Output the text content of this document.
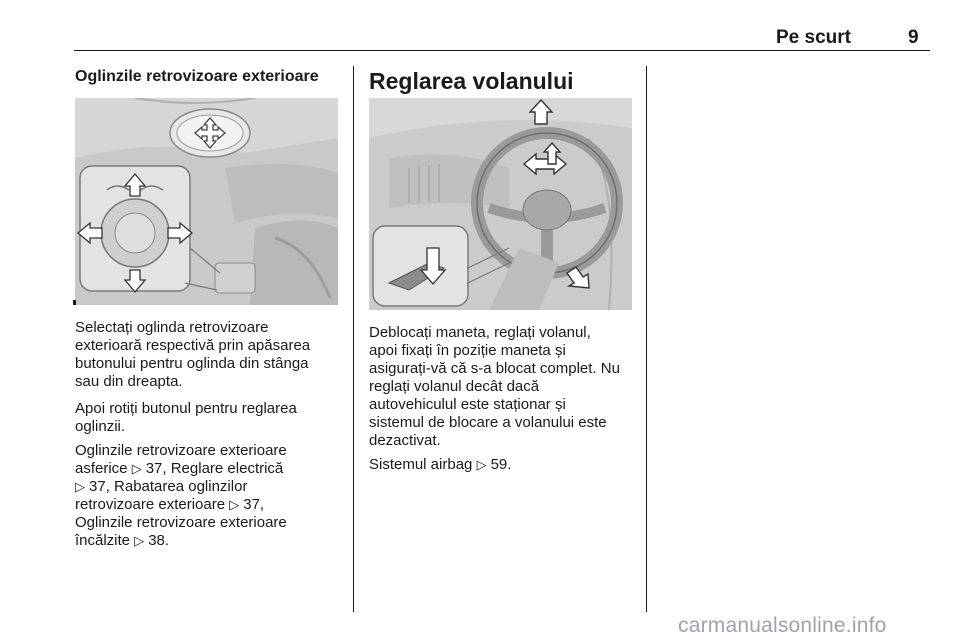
Pe scurt	9
Oglinzile retrovizoare exterioare

Selectați oglinda retrovizoare
exterioară respectivă prin apăsarea
butonului pentru oglinda din stânga
sau din dreapta.

Apoi rotiți butonul pentru reglarea
oglinzii.

Oglinzile retrovizoare exterioare
asferice ▷ 37, Reglare electrică
▷ 37, Rabatarea oglinzilor
retrovizoare exterioare ▷ 37,
Oglinzile retrovizoare exterioare
încălzite ▷ 38.

Reglarea volanului

Deblocați maneta, reglați volanul,
apoi fixați în poziție maneta și
asigurați-vă că s-a blocat complet. Nu
reglați volanul decât dacă
autovehiculul este staționar și
sistemul de blocare a volanului este
dezactivat.

Sistemul airbag ▷ 59.

carmanualsonline.info
